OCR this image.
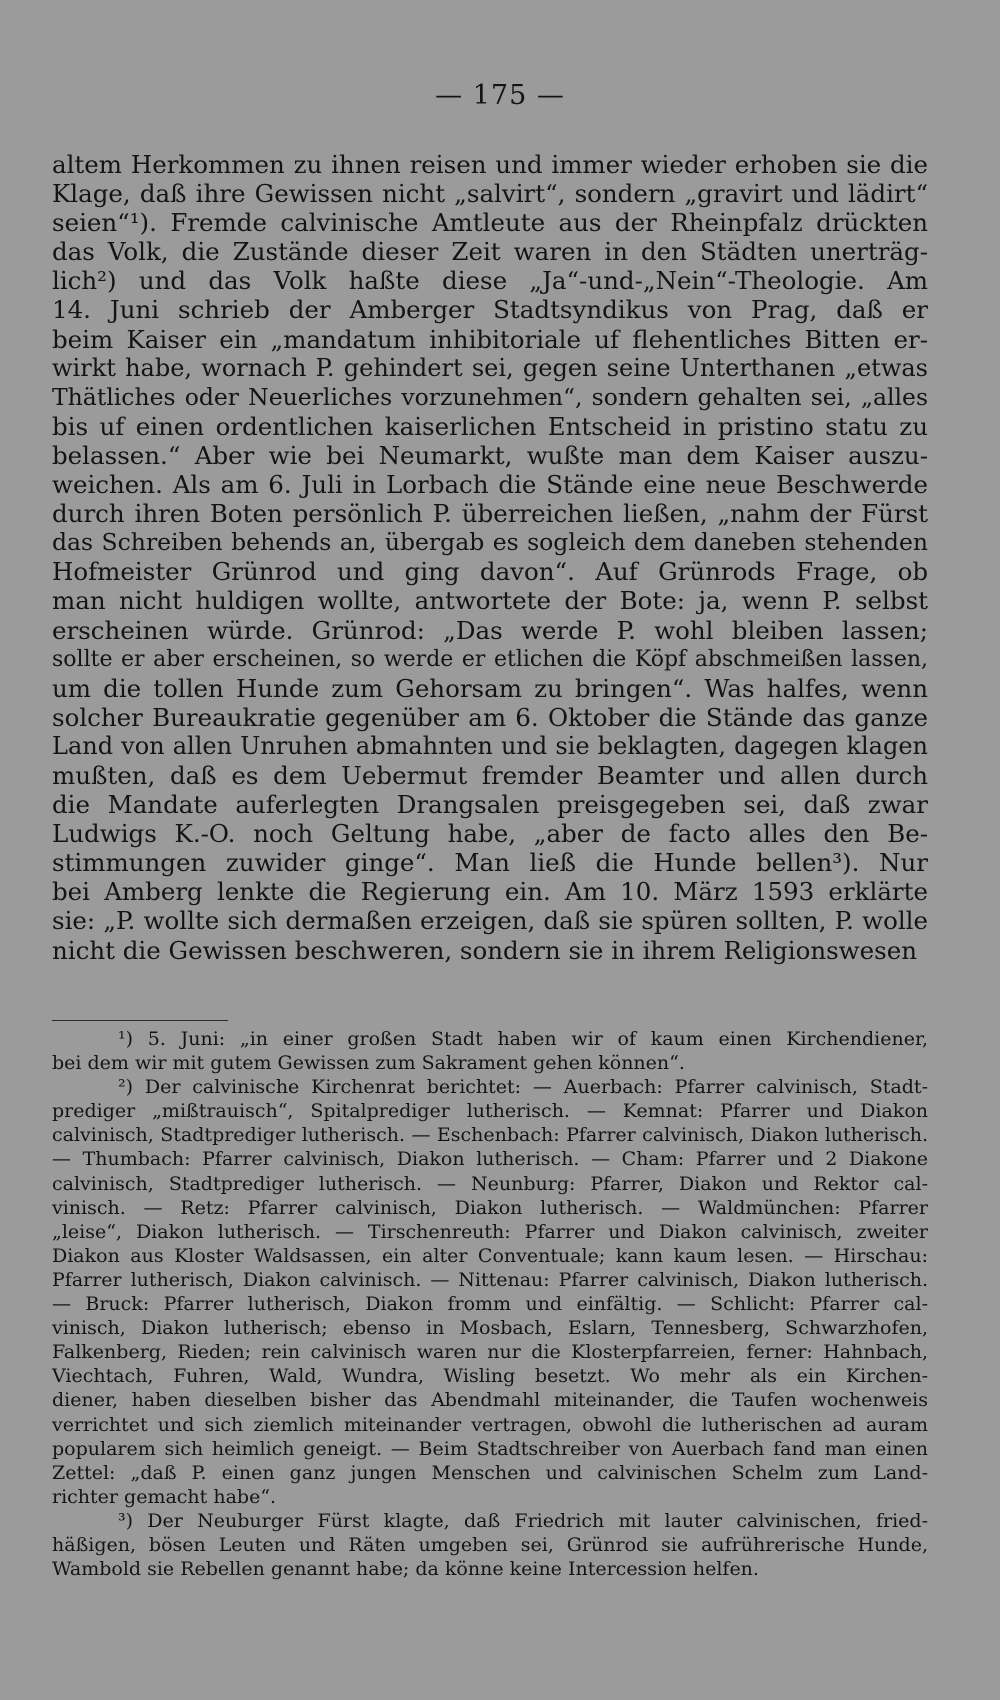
— 175 —
altem Herkommen zu ihnen reisen und immer wieder erhoben sie die
Klage, daß ihre Gewissen nicht „salvirt“, sondern „gravirt und lädirt“
seien“¹). Fremde calvinische Amtleute aus der Rheinpfalz drückten
das Volk, die Zustände dieser Zeit waren in den Städten unerträg-
lich²) und das Volk haßte diese „Ja“-und-„Nein“-Theologie. Am
14. Juni schrieb der Amberger Stadtsyndikus von Prag, daß er
beim Kaiser ein „mandatum inhibitoriale uf flehentliches Bitten er-
wirkt habe, wornach P. gehindert sei, gegen seine Unterthanen „etwas
Thätliches oder Neuerliches vorzunehmen“, sondern gehalten sei, „alles
bis uf einen ordentlichen kaiserlichen Entscheid in pristino statu zu
belassen.“ Aber wie bei Neumarkt, wußte man dem Kaiser auszu-
weichen. Als am 6. Juli in Lorbach die Stände eine neue Beschwerde
durch ihren Boten persönlich P. überreichen ließen, „nahm der Fürst
das Schreiben behends an, übergab es sogleich dem daneben stehenden
Hofmeister Grünrod und ging davon“. Auf Grünrods Frage, ob
man nicht huldigen wollte, antwortete der Bote: ja, wenn P. selbst
erscheinen würde. Grünrod: „Das werde P. wohl bleiben lassen;
sollte er aber erscheinen, so werde er etlichen die Köpf abschmeißen lassen,
um die tollen Hunde zum Gehorsam zu bringen“. Was halfes, wenn
solcher Bureaukratie gegenüber am 6. Oktober die Stände das ganze
Land von allen Unruhen abmahnten und sie beklagten, dagegen klagen
mußten, daß es dem Uebermut fremder Beamter und allen durch
die Mandate auferlegten Drangsalen preisgegeben sei, daß zwar
Ludwigs K.-O. noch Geltung habe, „aber de facto alles den Be-
stimmungen zuwider ginge“. Man ließ die Hunde bellen³). Nur
bei Amberg lenkte die Regierung ein. Am 10. März 1593 erklärte
sie: „P. wollte sich dermaßen erzeigen, daß sie spüren sollten, P. wolle
nicht die Gewissen beschweren, sondern sie in ihrem Religionswesen
¹) 5. Juni: „in einer großen Stadt haben wir of kaum einen Kirchendiener,
bei dem wir mit gutem Gewissen zum Sakrament gehen können“.
²) Der calvinische Kirchenrat berichtet: — Auerbach: Pfarrer calvinisch, Stadt-
prediger „mißtrauisch“, Spitalprediger lutherisch. — Kemnat: Pfarrer und Diakon
calvinisch, Stadtprediger lutherisch. — Eschenbach: Pfarrer calvinisch, Diakon lutherisch.
— Thumbach: Pfarrer calvinisch, Diakon lutherisch. — Cham: Pfarrer und 2 Diakone
calvinisch, Stadtprediger lutherisch. — Neunburg: Pfarrer, Diakon und Rektor cal-
vinisch. — Retz: Pfarrer calvinisch, Diakon lutherisch. — Waldmünchen: Pfarrer
„leise“, Diakon lutherisch. — Tirschenreuth: Pfarrer und Diakon calvinisch, zweiter
Diakon aus Kloster Waldsassen, ein alter Conventuale; kann kaum lesen. — Hirschau:
Pfarrer lutherisch, Diakon calvinisch. — Nittenau: Pfarrer calvinisch, Diakon lutherisch.
— Bruck: Pfarrer lutherisch, Diakon fromm und einfältig. — Schlicht: Pfarrer cal-
vinisch, Diakon lutherisch; ebenso in Mosbach, Eslarn, Tennesberg, Schwarzhofen,
Falkenberg, Rieden; rein calvinisch waren nur die Klosterpfarreien, ferner: Hahnbach,
Viechtach, Fuhren, Wald, Wundra, Wisling besetzt. Wo mehr als ein Kirchen-
diener, haben dieselben bisher das Abendmahl miteinander, die Taufen wochenweis
verrichtet und sich ziemlich miteinander vertragen, obwohl die lutherischen ad auram
popularem sich heimlich geneigt. — Beim Stadtschreiber von Auerbach fand man einen
Zettel: „daß P. einen ganz jungen Menschen und calvinischen Schelm zum Land-
richter gemacht habe“.
³) Der Neuburger Fürst klagte, daß Friedrich mit lauter calvinischen, fried-
häßigen, bösen Leuten und Räten umgeben sei, Grünrod sie aufrührerische Hunde,
Wambold sie Rebellen genannt habe; da könne keine Intercession helfen.
